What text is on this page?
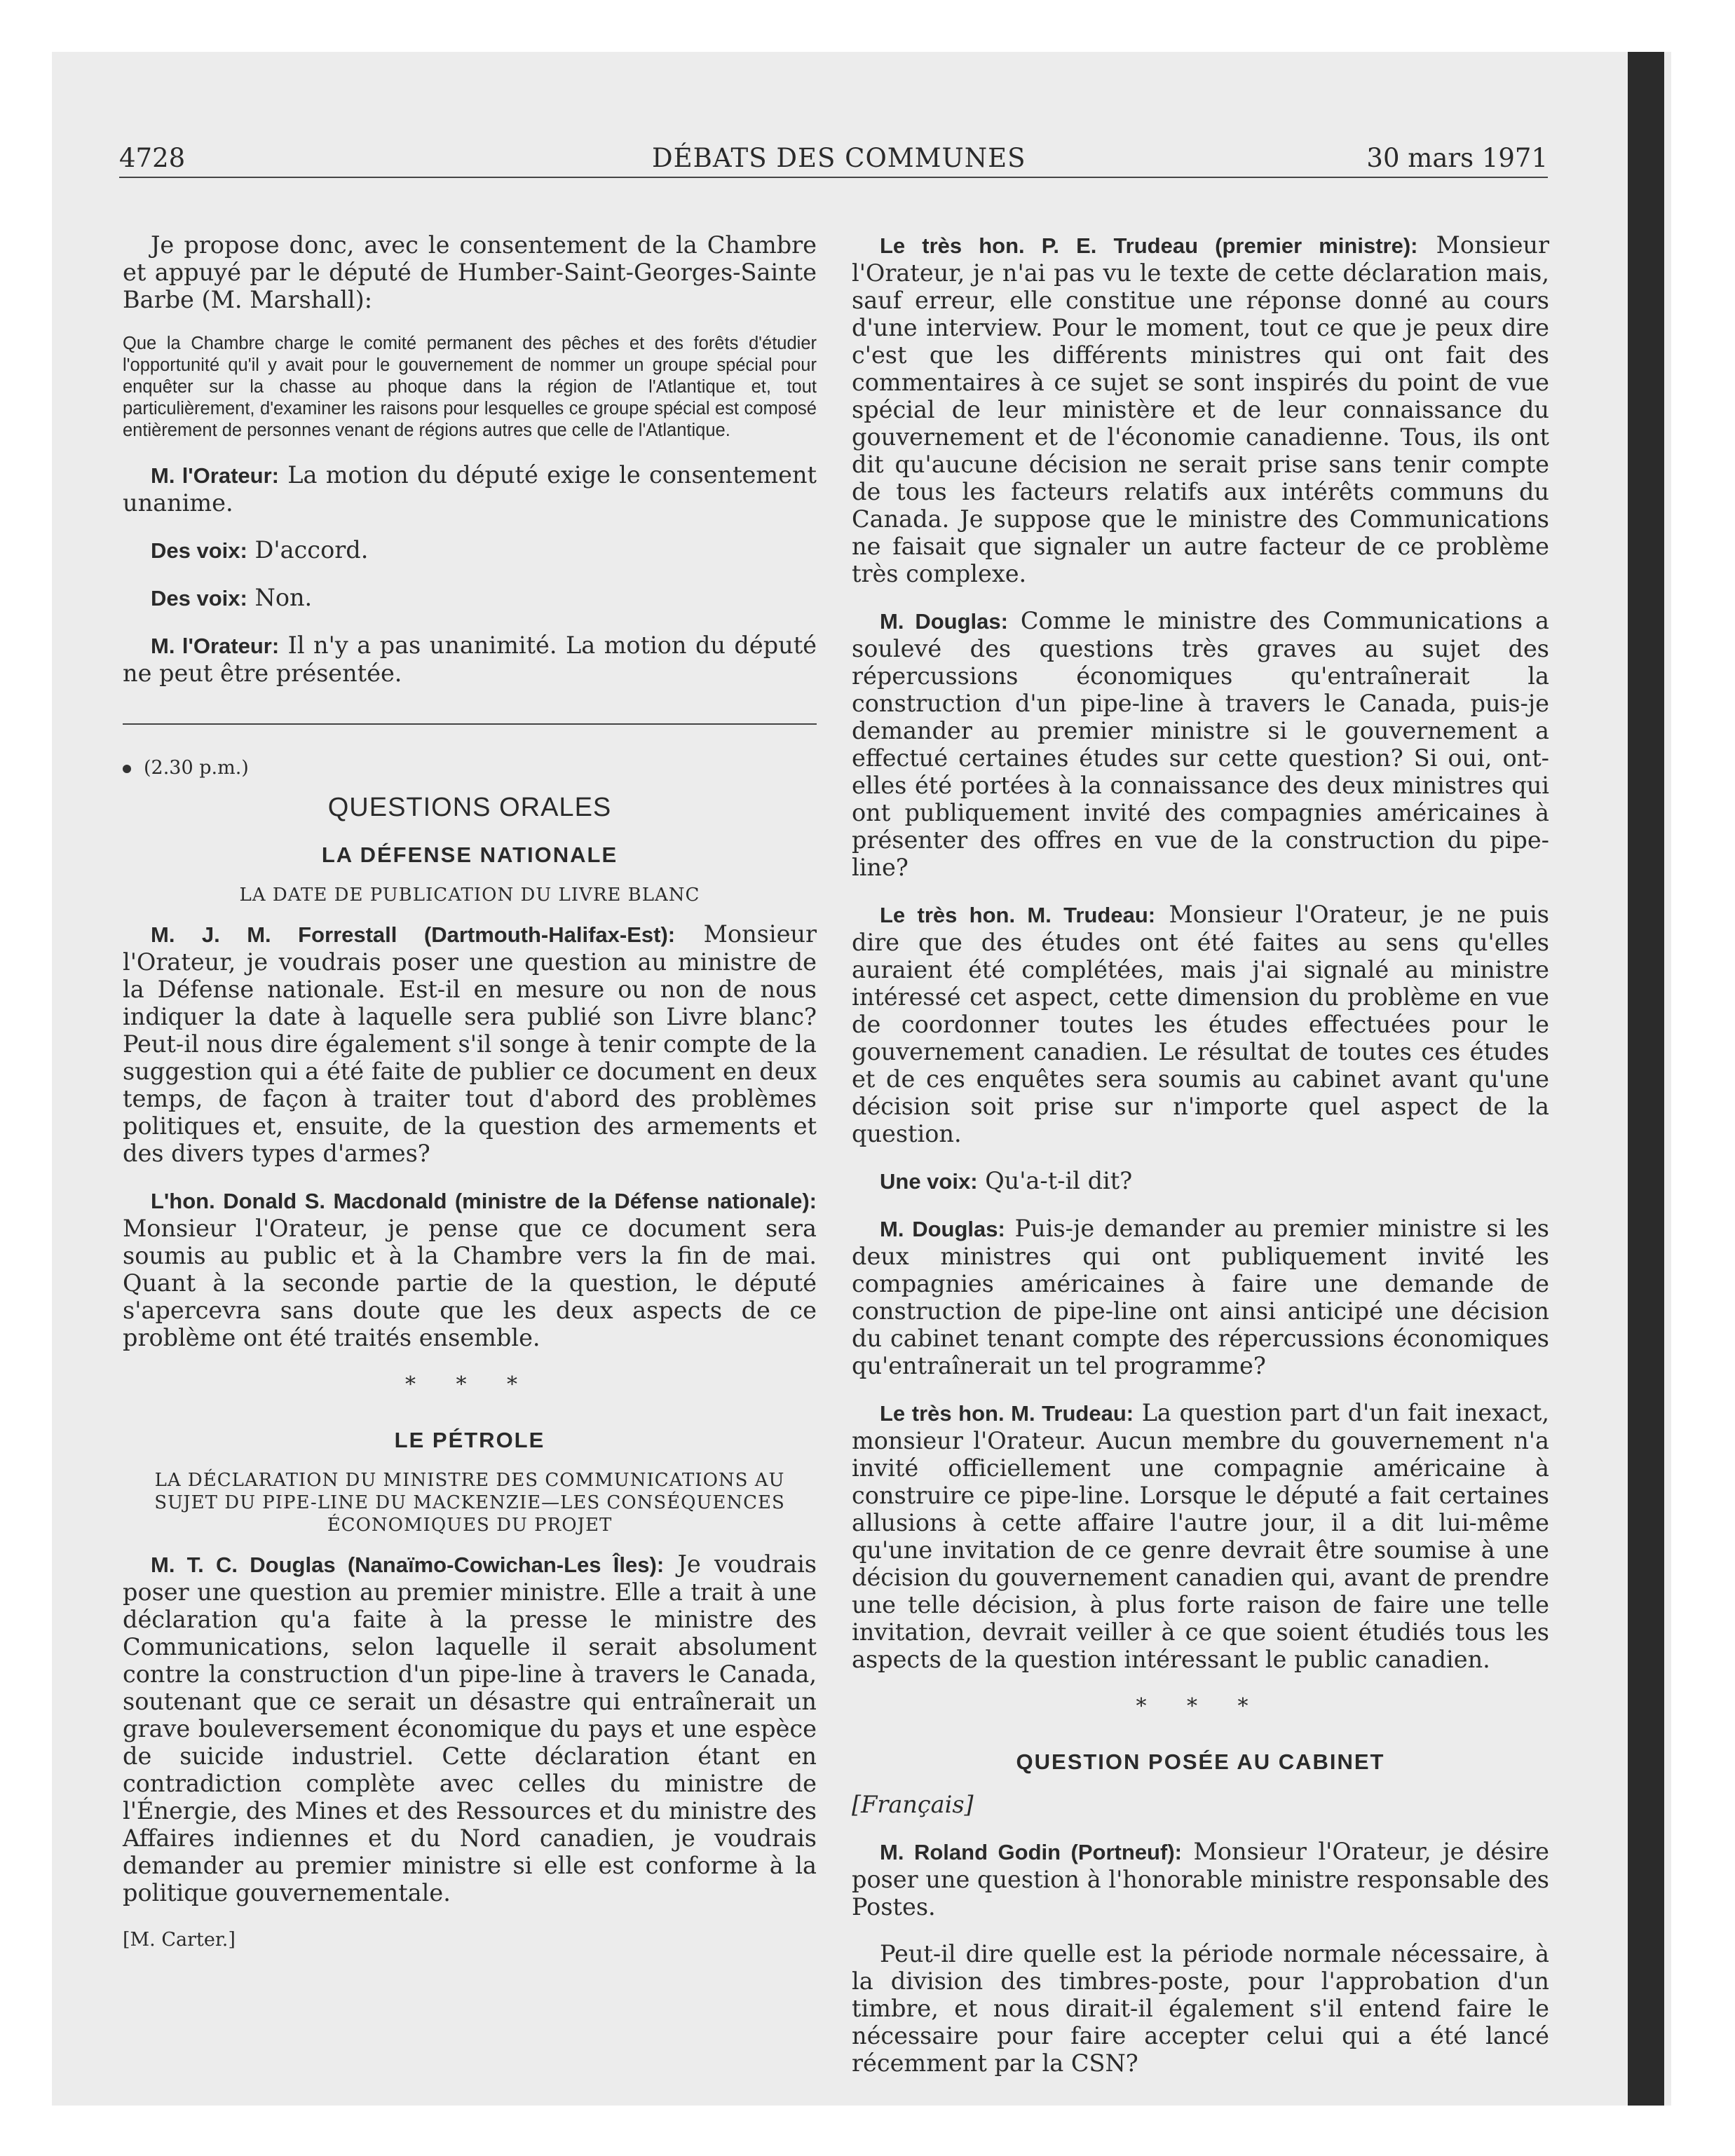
4728	DÉBATS DES COMMUNES	30 mars 1971

Je propose donc, avec le consentement de la Chambre et appuyé par le député de Humber-Saint-Georges-Sainte Barbe (M. Marshall):

Que la Chambre charge le comité permanent des pêches et des forêts d'étudier l'opportunité qu'il y avait pour le gouvernement de nommer un groupe spécial pour enquêter sur la chasse au phoque dans la région de l'Atlantique et, tout particulièrement, d'examiner les raisons pour lesquelles ce groupe spécial est composé entièrement de personnes venant de régions autres que celle de l'Atlantique.

M. l'Orateur: La motion du député exige le consentement unanime.

Des voix: D'accord.

Des voix: Non.

M. l'Orateur: Il n'y a pas unanimité. La motion du député ne peut être présentée.

(2.30 p.m.)
QUESTIONS ORALES
LA DÉFENSE NATIONALE
LA DATE DE PUBLICATION DU LIVRE BLANC

M. J. M. Forrestall (Dartmouth-Halifax-Est): Monsieur l'Orateur, je voudrais poser une question au ministre de la Défense nationale. Est-il en mesure ou non de nous indiquer la date à laquelle sera publié son Livre blanc? Peut-il nous dire également s'il songe à tenir compte de la suggestion qui a été faite de publier ce document en deux temps, de façon à traiter tout d'abord des problèmes politiques et, ensuite, de la question des armements et des divers types d'armes?

L'hon. Donald S. Macdonald (ministre de la Défense nationale): Monsieur l'Orateur, je pense que ce document sera soumis au public et à la Chambre vers la fin de mai. Quant à la seconde partie de la question, le député s'apercevra sans doute que les deux aspects de ce problème ont été traités ensemble.

* * *
LE PÉTROLE
LA DÉCLARATION DU MINISTRE DES COMMUNICATIONS AU SUJET DU PIPE-LINE DU MACKENZIE—LES CONSÉQUENCES ÉCONOMIQUES DU PROJET

M. T. C. Douglas (Nanaïmo-Cowichan-Les Îles): Je voudrais poser une question au premier ministre. Elle a trait à une déclaration qu'a faite à la presse le ministre des Communications, selon laquelle il serait absolument contre la construction d'un pipe-line à travers le Canada, soutenant que ce serait un désastre qui entraînerait un grave bouleversement économique du pays et une espèce de suicide industriel. Cette déclaration étant en contradiction complète avec celles du ministre de l'Énergie, des Mines et des Ressources et du ministre des Affaires indiennes et du Nord canadien, je voudrais demander au premier ministre si elle est conforme à la politique gouvernementale.

[M. Carter.]

Le très hon. P. E. Trudeau (premier ministre): Monsieur l'Orateur, je n'ai pas vu le texte de cette déclaration mais, sauf erreur, elle constitue une réponse donné au cours d'une interview. Pour le moment, tout ce que je peux dire c'est que les différents ministres qui ont fait des commentaires à ce sujet se sont inspirés du point de vue spécial de leur ministère et de leur connaissance du gouvernement et de l'économie canadienne. Tous, ils ont dit qu'aucune décision ne serait prise sans tenir compte de tous les facteurs relatifs aux intérêts communs du Canada. Je suppose que le ministre des Communications ne faisait que signaler un autre facteur de ce problème très complexe.

M. Douglas: Comme le ministre des Communications a soulevé des questions très graves au sujet des répercussions économiques qu'entraînerait la construction d'un pipe-line à travers le Canada, puis-je demander au premier ministre si le gouvernement a effectué certaines études sur cette question? Si oui, ont-elles été portées à la connaissance des deux ministres qui ont publiquement invité des compagnies américaines à présenter des offres en vue de la construction du pipe-line?

Le très hon. M. Trudeau: Monsieur l'Orateur, je ne puis dire que des études ont été faites au sens qu'elles auraient été complétées, mais j'ai signalé au ministre intéressé cet aspect, cette dimension du problème en vue de coordonner toutes les études effectuées pour le gouvernement canadien. Le résultat de toutes ces études et de ces enquêtes sera soumis au cabinet avant qu'une décision soit prise sur n'importe quel aspect de la question.

Une voix: Qu'a-t-il dit?

M. Douglas: Puis-je demander au premier ministre si les deux ministres qui ont publiquement invité les compagnies américaines à faire une demande de construction de pipe-line ont ainsi anticipé une décision du cabinet tenant compte des répercussions économiques qu'entraînerait un tel programme?

Le très hon. M. Trudeau: La question part d'un fait inexact, monsieur l'Orateur. Aucun membre du gouvernement n'a invité officiellement une compagnie américaine à construire ce pipe-line. Lorsque le député a fait certaines allusions à cette affaire l'autre jour, il a dit lui-même qu'une invitation de ce genre devrait être soumise à une décision du gouvernement canadien qui, avant de prendre une telle décision, à plus forte raison de faire une telle invitation, devrait veiller à ce que soient étudiés tous les aspects de la question intéressant le public canadien.

* * *
QUESTION POSÉE AU CABINET

[Français]

M. Roland Godin (Portneuf): Monsieur l'Orateur, je désire poser une question à l'honorable ministre responsable des Postes.

Peut-il dire quelle est la période normale nécessaire, à la division des timbres-poste, pour l'approbation d'un timbre, et nous dirait-il également s'il entend faire le nécessaire pour faire accepter celui qui a été lancé récemment par la CSN?
